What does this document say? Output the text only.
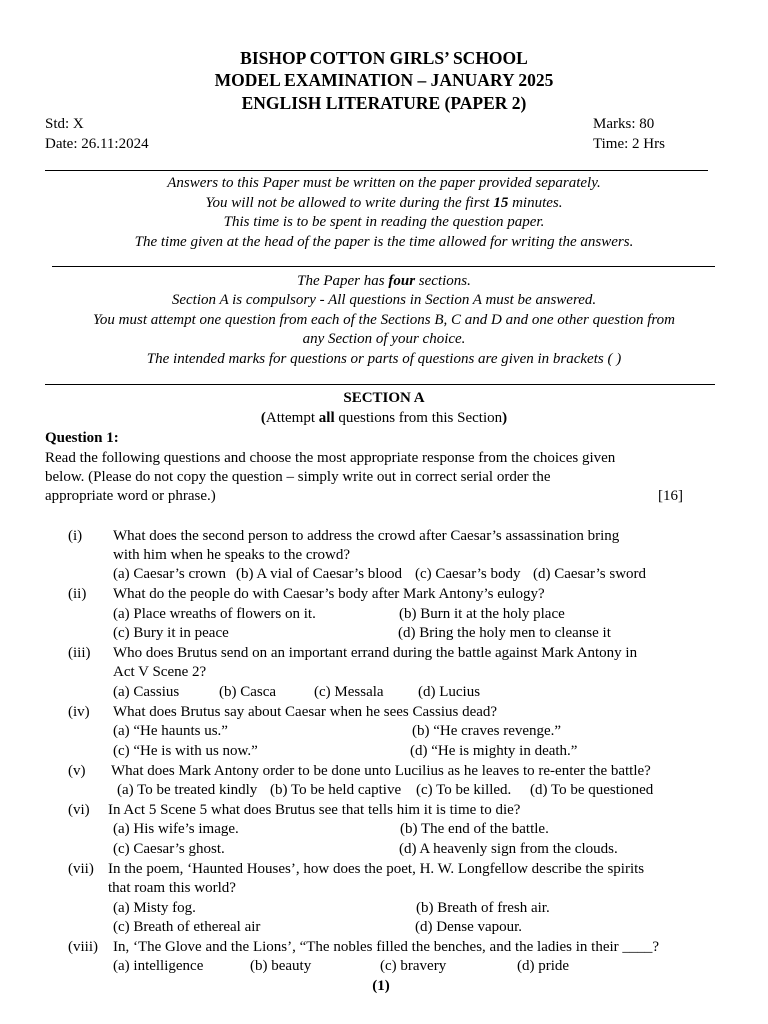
BISHOP COTTON GIRLS’ SCHOOL
MODEL EXAMINATION – JANUARY 2025
ENGLISH LITERATURE (PAPER 2)
Std: X
Date: 26.11:2024
Marks: 80
Time: 2 Hrs
Answers to this Paper must be written on the paper provided separately.
You will not be allowed to write during the first 15 minutes.
This time is to be spent in reading the question paper.
The time given at the head of the paper is the time allowed for writing the answers.
The Paper has four sections.
Section A is compulsory - All questions in Section A must be answered.
You must attempt one question from each of the Sections B, C and D and one other question from
any Section of your choice.
The intended marks for questions or parts of questions are given in brackets ( )
SECTION A
(Attempt all questions from this Section)
Question 1:
Read the following questions and choose the most appropriate response from the choices given
below. (Please do not copy the question – simply write out in correct serial order the
appropriate word or phrase.)	[16]
(i) What does the second person to address the crowd after Caesar’s assassination bring
with him when he speaks to the crowd?
(a) Caesar’s crown (b) A vial of Caesar’s blood (c) Caesar’s body (d) Caesar’s sword
(ii) What do the people do with Caesar’s body after Mark Antony’s eulogy?
(a) Place wreaths of flowers on it.	(b) Burn it at the holy place
(c) Bury it in peace	(d) Bring the holy men to cleanse it
(iii) Who does Brutus send on an important errand during the battle against Mark Antony in
Act V Scene 2?
(a) Cassius	(b) Casca	(c) Messala (d) Lucius
(iv) What does Brutus say about Caesar when he sees Cassius dead?
(a) “He haunts us.”	(b) “He craves revenge.”
(c) “He is with us now.”	(d) “He is mighty in death.”
(v) What does Mark Antony order to be done unto Lucilius as he leaves to re-enter the battle?
(a) To be treated kindly (b) To be held captive (c) To be killed. (d) To be questioned
(vi) In Act 5 Scene 5 what does Brutus see that tells him it is time to die?
(a) His wife’s image.	(b) The end of the battle.
(c) Caesar’s ghost.	(d) A heavenly sign from the clouds.
(vii) In the poem, ‘Haunted Houses’, how does the poet, H. W. Longfellow describe the spirits
that roam this world?
(a) Misty fog.	(b) Breath of fresh air.
(c) Breath of ethereal air	(d) Dense vapour.
(viii) In, ‘The Glove and the Lions’, “The nobles filled the benches, and the ladies in their ____?
(a) intelligence	(b) beauty	(c) bravery	(d) pride
(1)
